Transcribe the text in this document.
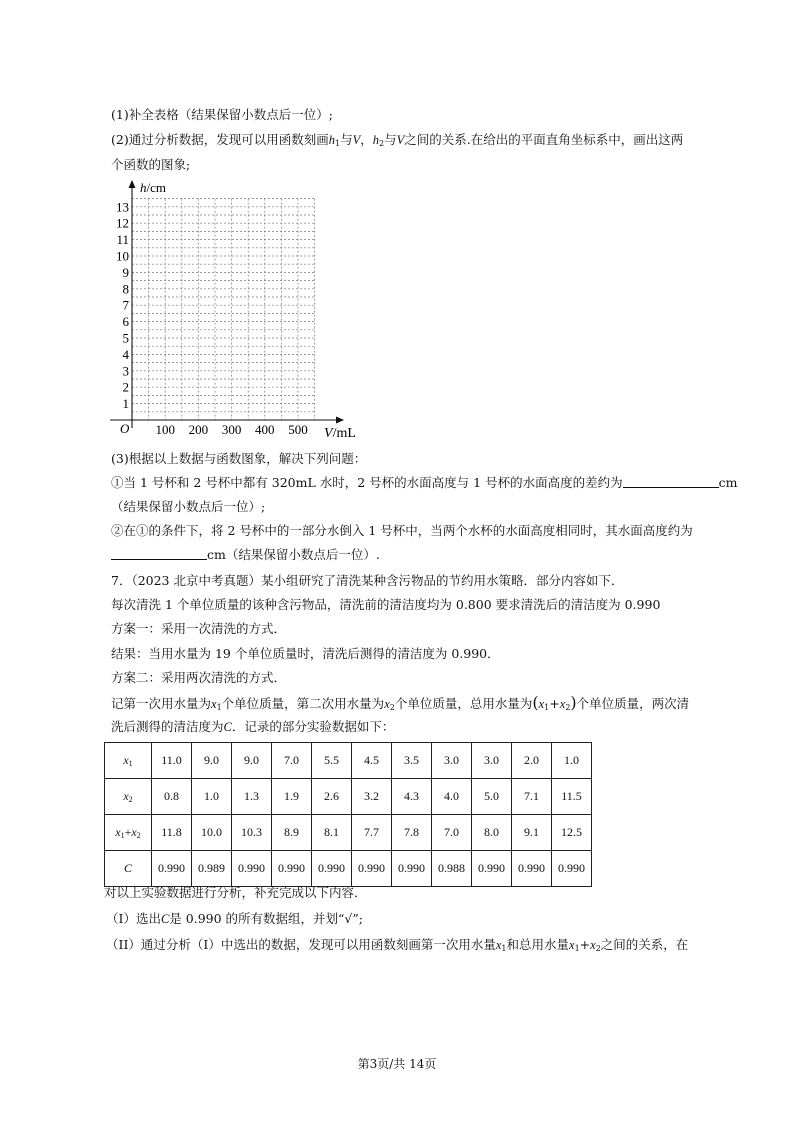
(1)补全表格（结果保留小数点后一位）;
(2)通过分析数据，发现可以用函数刻画$h_1$与V，$h_2$与V之间的关系.在给出的平面直角坐标系中，画出这两
个函数的图象;
1
2
3
4
5
6
7
8
9
10
11
12
13
100 200 300 400 500
O
h/cm
V/mL
(3)根据以上数据与函数图象，解决下列问题：
①当 1 号杯和 2 号杯中都有 320mL 水时，2 号杯的水面高度与 1 号杯的水面高度的差约为	cm
（结果保留小数点后一位）;
②在①的条件下，将 2 号杯中的一部分水倒入 1 号杯中，当两个水杯的水面高度相同时，其水面高度约为
cm（结果保留小数点后一位）.
7．（2023 北京中考真题）某小组研究了清洗某种含污物品的节约用水策略．部分内容如下．
每次清洗 1 个单位质量的该种含污物品，清洗前的清洁度均为 0.800 要求清洗后的清洁度为 0.990
方案一：采用一次清洗的方式．
结果：当用水量为 19 个单位质量时，清洗后测得的清洁度为 0.990．
方案二：采用两次清洗的方式．
记第一次用水量为$x_1$个单位质量，第二次用水量为$x_2$个单位质量，总用水量为$(x_1+x_2)$个单位质量，两次清
洗后测得的清洁度为C．记录的部分实验数据如下：
$x_1$	11.0	9.0	9.0	7.0	5.5	4.5	3.5	3.0	3.0	2.0	1.0
$x_2$	0.8	1.0	1.3	1.9	2.6	3.2	4.3	4.0	5.0	7.1	11.5
$x_1+x_2$	11.8	10.0	10.3	8.9	8.1	7.7	7.8	7.0	8.0	9.1	12.5
C	0.990	0.989	0.990	0.990	0.990	0.990	0.990	0.988	0.990	0.990	0.990
对以上实验数据进行分析，补充完成以下内容．
（I）选出C是 0.990 的所有数据组，并划“√”;
（II）通过分析（I）中选出的数据，发现可以用函数刻画第一次用水量$x_1$和总用水量$x_1+x_2$之间的关系，在
第3页/共 14页
